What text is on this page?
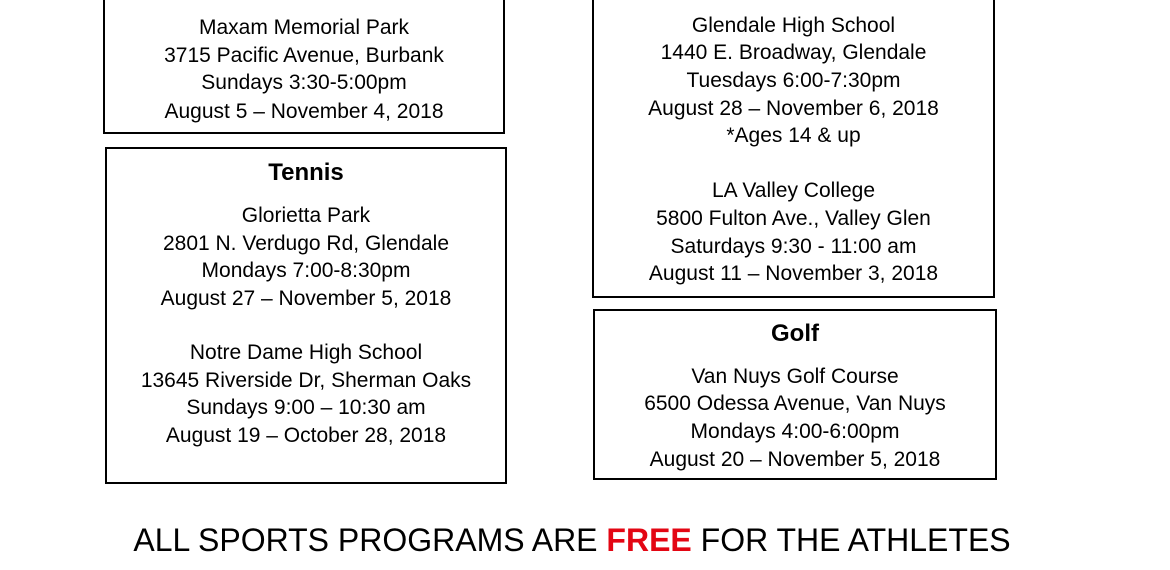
Maxam Memorial Park
3715 Pacific Avenue, Burbank
Sundays 3:30-5:00pm
August 5 – November 4, 2018
Tennis
Glorietta Park
2801 N. Verdugo Rd, Glendale
Mondays 7:00-8:30pm
August 27 – November 5, 2018
Notre Dame High School
13645 Riverside Dr, Sherman Oaks
Sundays 9:00 – 10:30 am
August 19 – October 28, 2018
Glendale High School
1440 E. Broadway, Glendale
Tuesdays 6:00-7:30pm
August 28 – November 6, 2018
*Ages 14 & up
LA Valley College
5800 Fulton Ave., Valley Glen
Saturdays 9:30 - 11:00 am
August 11 – November 3, 2018
Golf
Van Nuys Golf Course
6500 Odessa Avenue, Van Nuys
Mondays 4:00-6:00pm
August 20 – November 5, 2018
ALL SPORTS PROGRAMS ARE FREE FOR THE ATHLETES
